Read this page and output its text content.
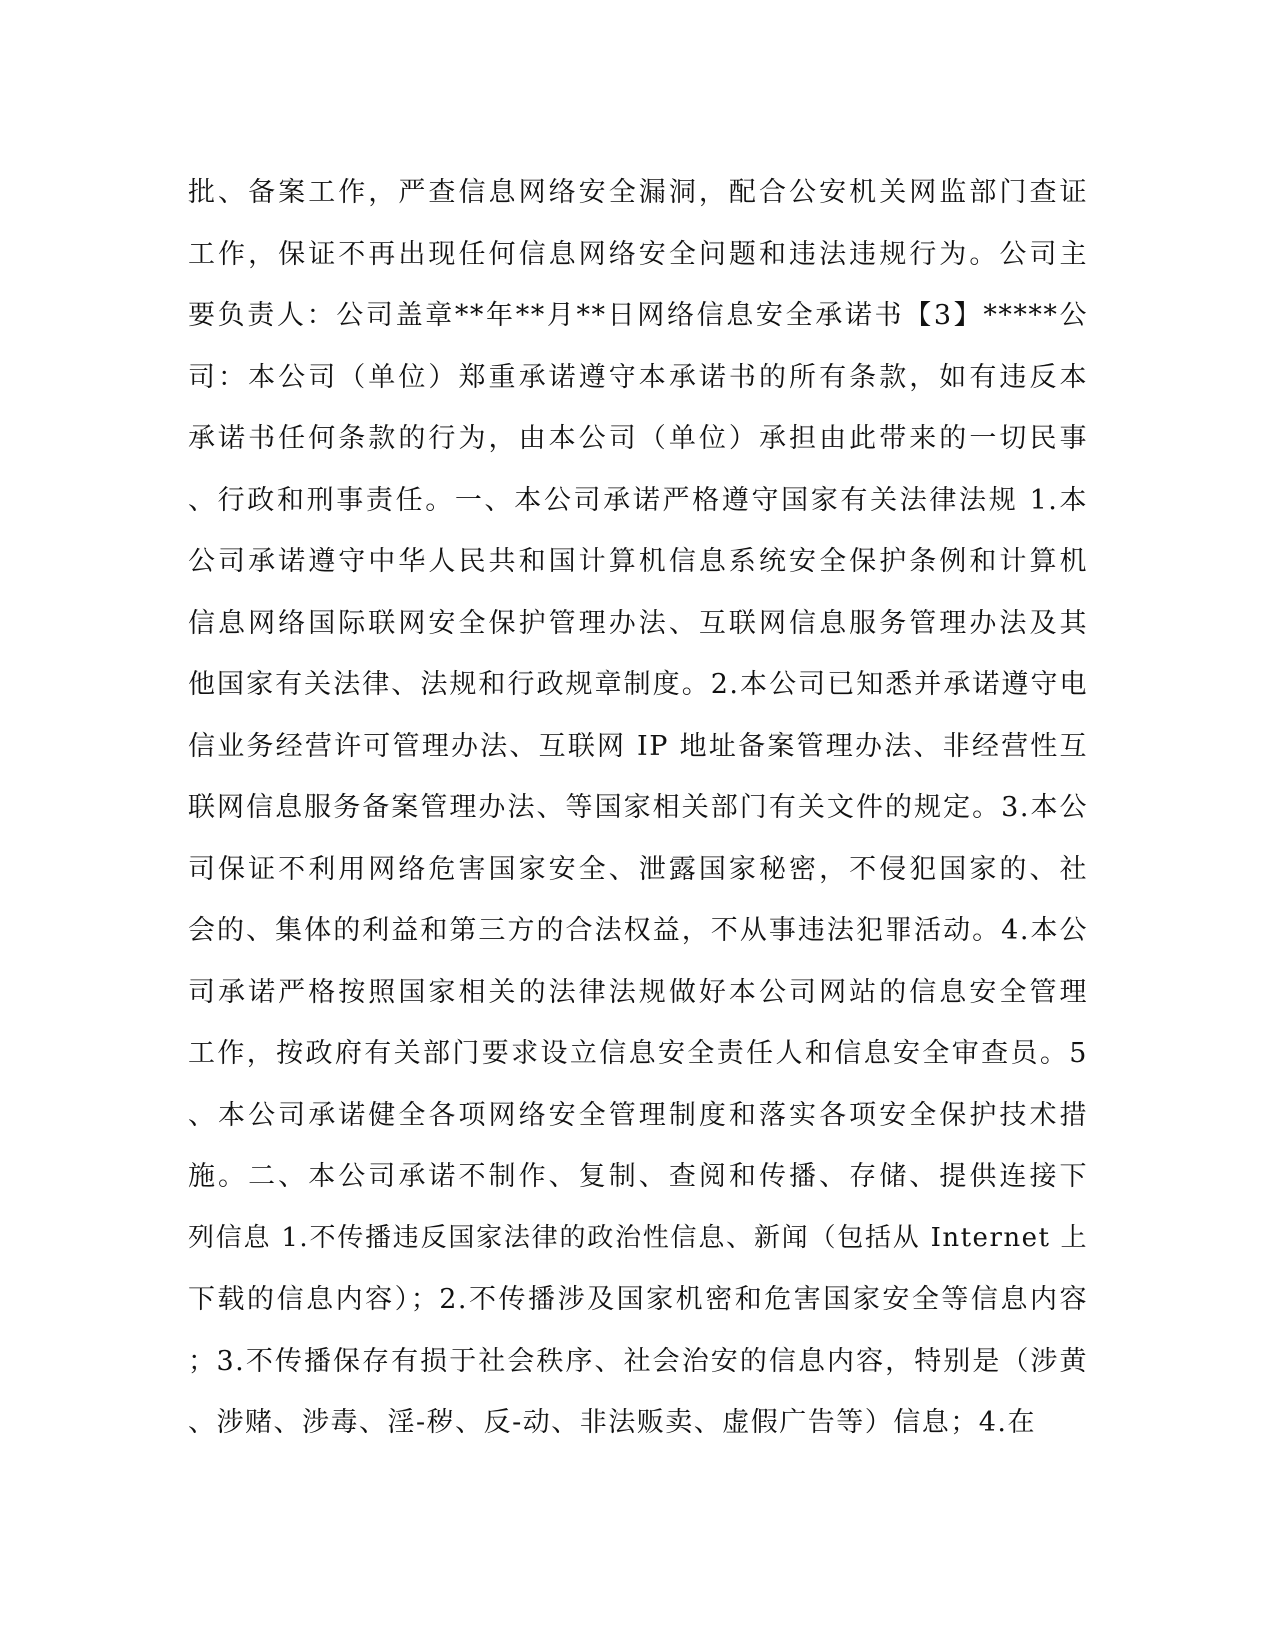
批、备案工作，严查信息网络安全漏洞，配合公安机关网监部门查证
工作，保证不再出现任何信息网络安全问题和违法违规行为。公司主
要负责人：公司盖章**年**月**日网络信息安全承诺书【3】*****公
司：本公司（单位）郑重承诺遵守本承诺书的所有条款，如有违反本
承诺书任何条款的行为，由本公司（单位）承担由此带来的一切民事
、行政和刑事责任。一、本公司承诺严格遵守国家有关法律法规 1.本
公司承诺遵守中华人民共和国计算机信息系统安全保护条例和计算机
信息网络国际联网安全保护管理办法、互联网信息服务管理办法及其
他国家有关法律、法规和行政规章制度。2.本公司已知悉并承诺遵守电
信业务经营许可管理办法、互联网 IP 地址备案管理办法、非经营性互
联网信息服务备案管理办法、等国家相关部门有关文件的规定。3.本公
司保证不利用网络危害国家安全、泄露国家秘密，不侵犯国家的、社
会的、集体的利益和第三方的合法权益，不从事违法犯罪活动。4.本公
司承诺严格按照国家相关的法律法规做好本公司网站的信息安全管理
工作，按政府有关部门要求设立信息安全责任人和信息安全审查员。5
、本公司承诺健全各项网络安全管理制度和落实各项安全保护技术措
施。二、本公司承诺不制作、复制、查阅和传播、存储、提供连接下
列信息 1.不传播违反国家法律的政治性信息、新闻（包括从 Internet 上
下载的信息内容）；2.不传播涉及国家机密和危害国家安全等信息内容
；3.不传播保存有损于社会秩序、社会治安的信息内容，特别是（涉黄
、涉赌、涉毒、淫-秽、反-动、非法贩卖、虚假广告等）信息；4.在
